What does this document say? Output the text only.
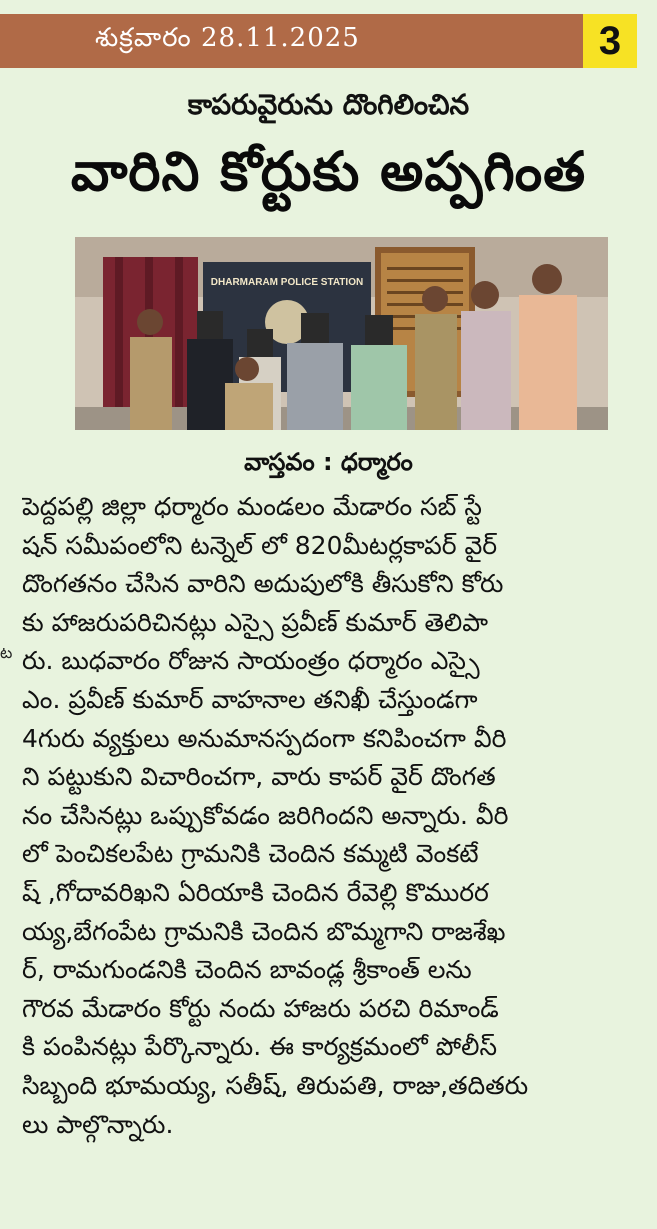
శుక్రవారం 28.11.2025	3
కాపరువైరును దొంగిలించిన
వారిని కోర్టుకు అప్పగింత
DHARMARAM POLICE STATION
వాస్తవం : ధర్మారం
ట
పెద్దపల్లి జిల్లా ధర్మారం మండలం మేడారం సబ్ స్టే
షన్ సమీపంలోని టన్నెల్ లో 820మీటర్లకాపర్ వైర్
దొంగతనం చేసిన వారిని అదుపులోకి తీసుకోని కోరు
కు హాజరుపరిచినట్లు ఎస్సై ప్రవీణ్ కుమార్ తెలిపా
రు. బుధవారం రోజున సాయంత్రం ధర్మారం ఎస్సై
ఎం. ప్రవీణ్ కుమార్ వాహనాల తనిఖీ చేస్తుండగా
4గురు వ్యక్తులు అనుమానస్పదంగా కనిపించగా వీరి
ని పట్టుకుని విచారించగా, వారు కాపర్ వైర్ దొంగత
నం చేసినట్లు ఒప్పుకోవడం జరిగిందని అన్నారు. వీరి
లో పెంచికలపేట గ్రామనికి చెందిన కమ్మటి వెంకటే
ష్ ,గోదావరిఖని ఏరియాకి చెందిన రేవెల్లి కొమురర
య్య,బేగంపేట గ్రామనికి చెందిన బొమ్మగాని రాజశేఖ
ర్, రామగుండనికి చెందిన బావండ్ల శ్రీకాంత్ లను
గౌరవ మేడారం కోర్టు నందు హాజరు పరచి రిమాండ్
కి పంపినట్లు పేర్కొన్నారు. ఈ కార్యక్రమంలో పోలీస్
సిబ్బంది భూమయ్య, సతీష్, తిరుపతి, రాజు,తదితరు
లు పాల్గొన్నారు.
